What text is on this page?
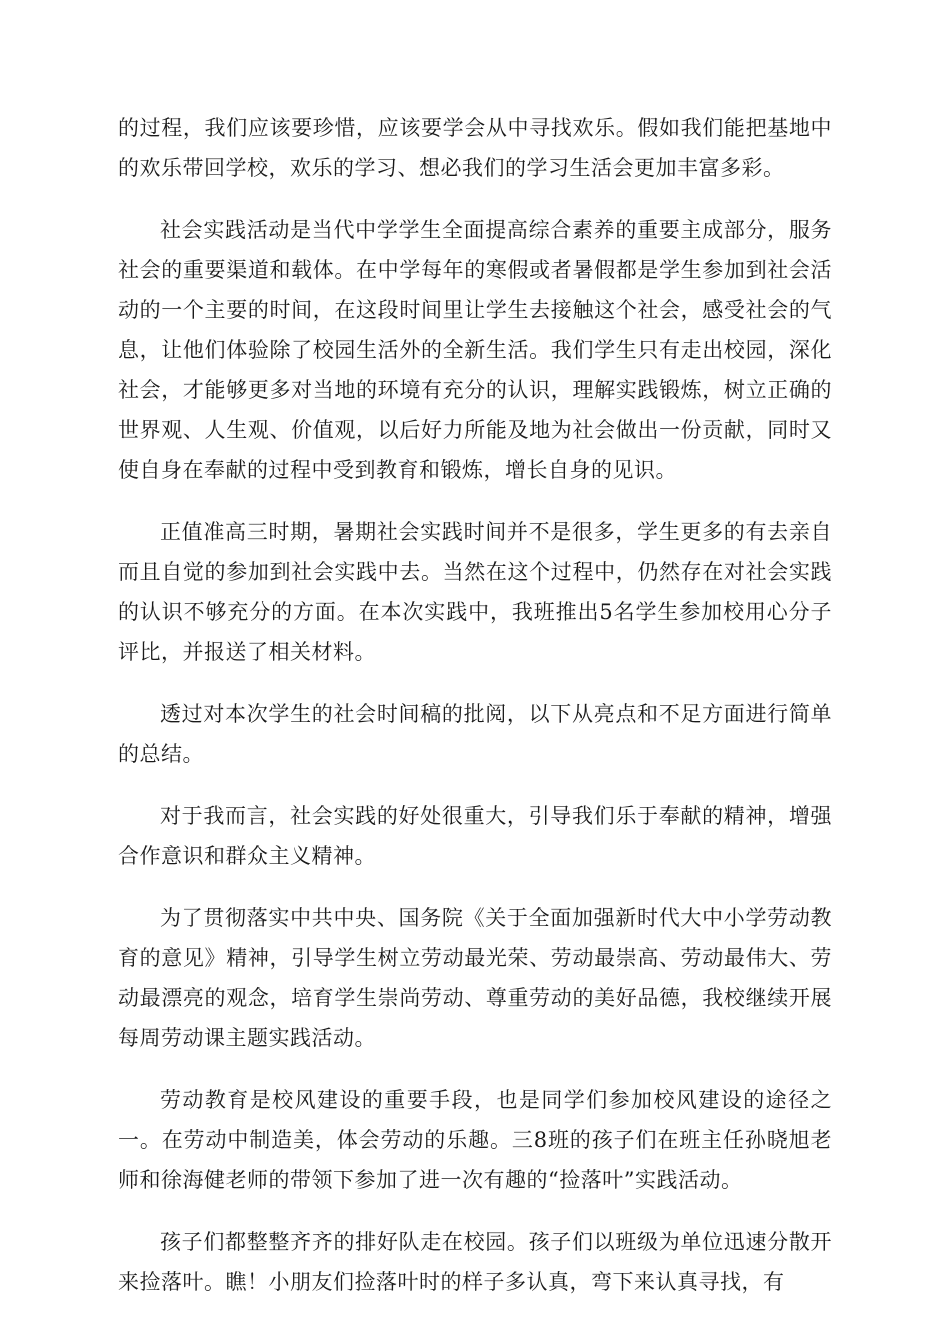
的过程，我们应该要珍惜，应该要学会从中寻找欢乐。假如我们能把基地中的欢乐带回学校，欢乐的学习、想必我们的学习生活会更加丰富多彩。

社会实践活动是当代中学学生全面提高综合素养的重要主成部分，服务社会的重要渠道和载体。在中学每年的寒假或者暑假都是学生参加到社会活动的一个主要的时间，在这段时间里让学生去接触这个社会，感受社会的气息，让他们体验除了校园生活外的全新生活。我们学生只有走出校园，深化社会，才能够更多对当地的环境有充分的认识，理解实践锻炼，树立正确的世界观、人生观、价值观，以后好力所能及地为社会做出一份贡献，同时又使自身在奉献的过程中受到教育和锻炼，增长自身的见识。

正值准高三时期，暑期社会实践时间并不是很多，学生更多的有去亲自而且自觉的参加到社会实践中去。当然在这个过程中，仍然存在对社会实践的认识不够充分的方面。在本次实践中，我班推出5名学生参加校用心分子评比，并报送了相关材料。

透过对本次学生的社会时间稿的批阅，以下从亮点和不足方面进行简单的总结。

对于我而言，社会实践的好处很重大，引导我们乐于奉献的精神，增强合作意识和群众主义精神。

为了贯彻落实中共中央、国务院《关于全面加强新时代大中小学劳动教育的意见》精神，引导学生树立劳动最光荣、劳动最崇高、劳动最伟大、劳动最漂亮的观念，培育学生崇尚劳动、尊重劳动的美好品德，我校继续开展每周劳动课主题实践活动。

劳动教育是校风建设的重要手段，也是同学们参加校风建设的途径之一。在劳动中制造美，体会劳动的乐趣。三8班的孩子们在班主任孙晓旭老师和徐海健老师的带领下参加了进一次有趣的“捡落叶”实践活动。

孩子们都整整齐齐的排好队走在校园。孩子们以班级为单位迅速分散开来捡落叶。瞧！小朋友们捡落叶时的样子多认真，弯下来认真寻找，有
